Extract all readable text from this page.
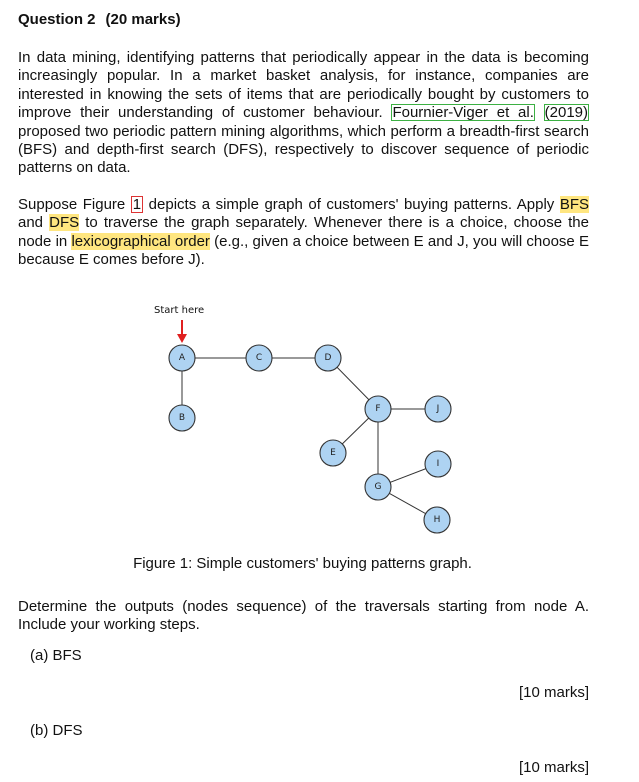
Question 2 (20 marks)
In data mining, identifying patterns that periodically appear in the data is becoming increasingly popular. In a market basket analysis, for instance, companies are interested in knowing the sets of items that are periodically bought by customers to improve their understanding of customer behaviour. Fournier-Viger et al. (2019) proposed two periodic pattern mining algorithms, which perform a breadth-first search (BFS) and depth-first search (DFS), respectively to discover sequence of periodic patterns on data.
Suppose Figure 1 depicts a simple graph of customers' buying patterns. Apply BFS and DFS to traverse the graph separately. Whenever there is a choice, choose the node in lexicographical order (e.g., given a choice between E and J, you will choose E because E comes before J).
Start here
A
B
C	D
E
F
G
H
I
J
Figure 1: Simple customers' buying patterns graph.
Determine the outputs (nodes sequence) of the traversals starting from node A. Include your working steps.
(a) BFS
[10 marks]
(b) DFS
[10 marks]
